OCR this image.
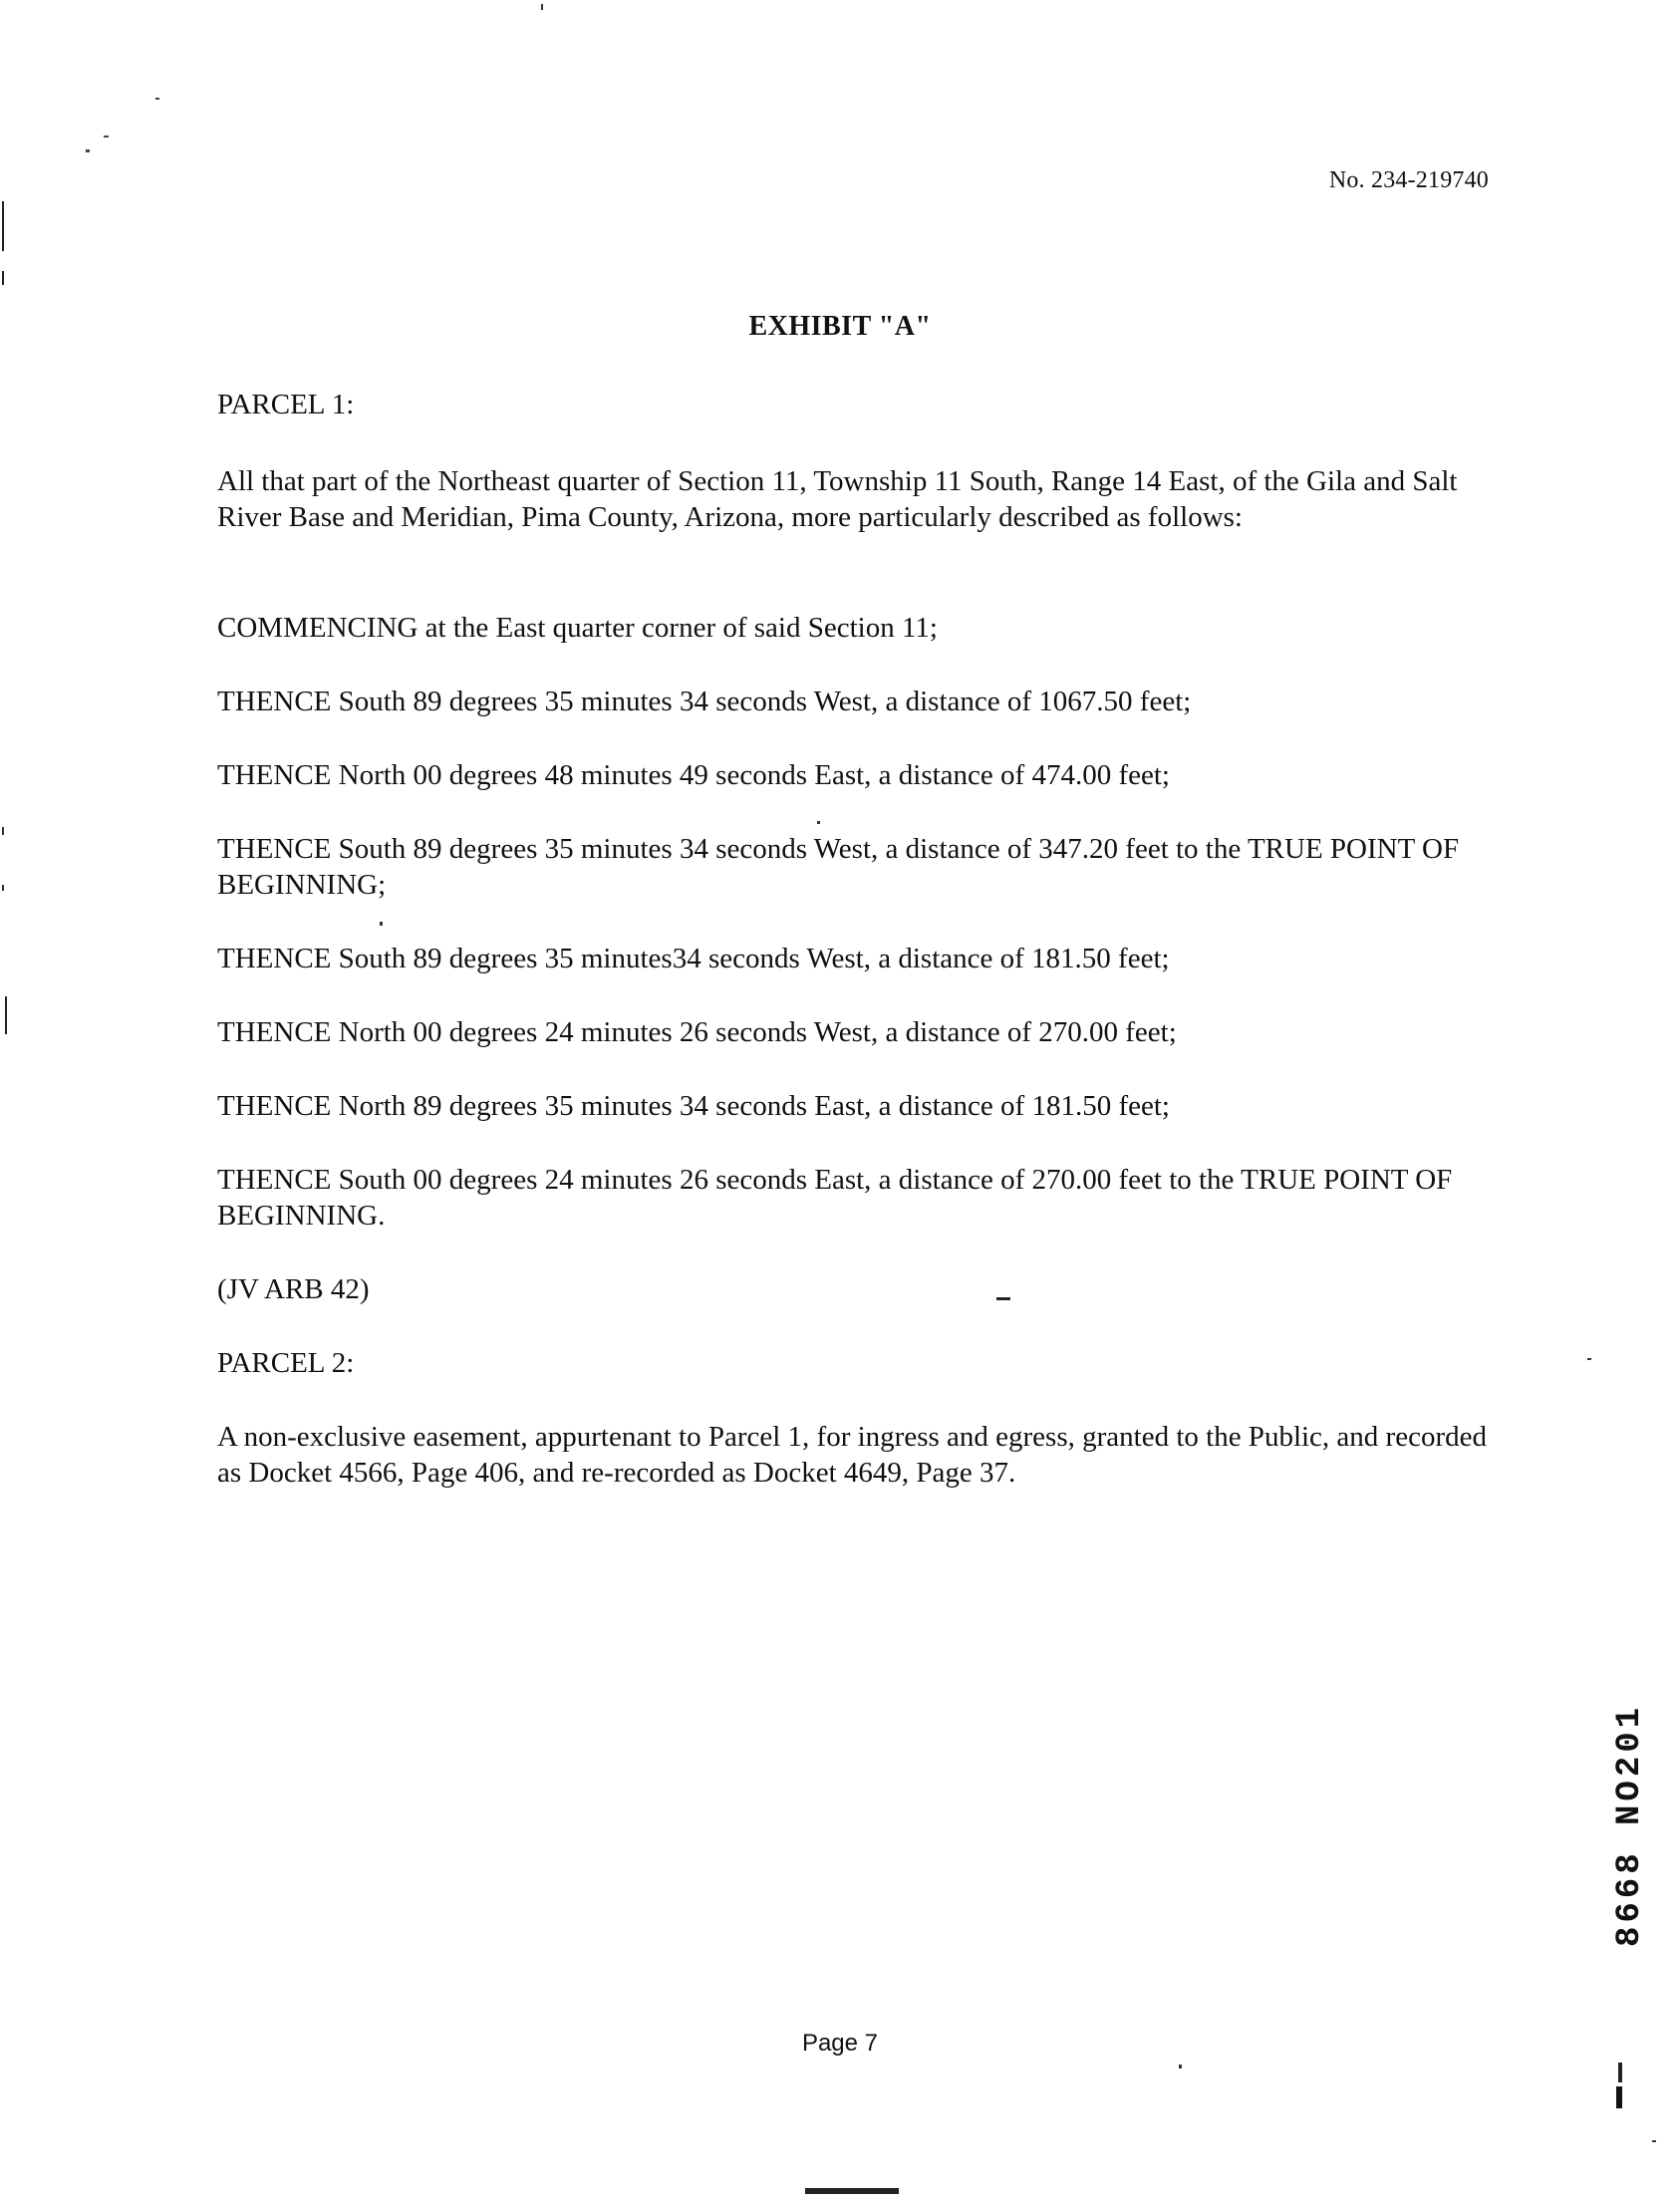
No. 234-219740
EXHIBIT "A"

PARCEL 1:

All that part of the Northeast quarter of Section 11, Township 11 South, Range 14 East, of the Gila and Salt River Base and Meridian, Pima County, Arizona, more particularly described as follows:

COMMENCING at the East quarter corner of said Section 11;

THENCE South 89 degrees 35 minutes 34 seconds West, a distance of 1067.50 feet;

THENCE North 00 degrees 48 minutes 49 seconds East, a distance of 474.00 feet;

THENCE South 89 degrees 35 minutes 34 seconds West, a distance of 347.20 feet to the TRUE POINT OF BEGINNING;

THENCE South 89 degrees 35 minutes34 seconds West, a distance of 181.50 feet;

THENCE North 00 degrees 24 minutes 26 seconds West, a distance of 270.00 feet;

THENCE North 89 degrees 35 minutes 34 seconds East, a distance of 181.50 feet;

THENCE South 00 degrees 24 minutes 26 seconds East, a distance of 270.00 feet to the TRUE POINT OF BEGINNING.

(JV ARB 42)

PARCEL 2:

A non-exclusive easement, appurtenant to Parcel 1, for ingress and egress, granted to the Public, and recorded as Docket 4566, Page 406, and re-recorded as Docket 4649, Page 37.

Page 7
8668 NO201
